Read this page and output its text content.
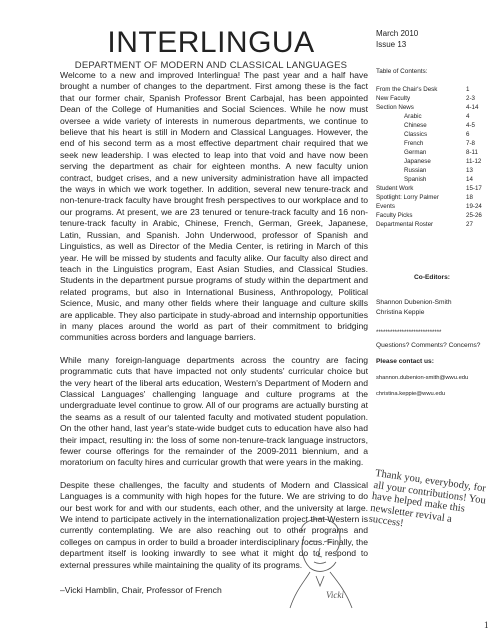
INTERLINGUA
DEPARTMENT OF MODERN AND CLASSICAL LANGUAGES

Welcome to a new and improved Interlingua! The past year and a half have brought a number of changes to the department. First among these is the fact that our former chair, Spanish Professor Brent Carbajal, has been appointed Dean of the College of Humanities and Social Sciences. While he now must oversee a wide variety of interests in numerous departments, we continue to believe that his heart is still in Modern and Classical Languages. However, the end of his second term as a most effective department chair required that we seek new leadership. I was elected to leap into that void and have now been serving the department as chair for eighteen months. A new faculty union contract, budget crises, and a new university administration have all impacted the ways in which we work together. In addition, several new tenure-track and non-tenure-track faculty have brought fresh perspectives to our workplace and to our programs. At present, we are 23 tenured or tenure-track faculty and 16 non-tenure-track faculty in Arabic, Chinese, French, German, Greek, Japanese, Latin, Russian, and Spanish. John Underwood, professor of Spanish and Linguistics, as well as Director of the Media Center, is retiring in March of this year. He will be missed by students and faculty alike. Our faculty also direct and teach in the Linguistics program, East Asian Studies, and Classical Studies. Students in the department pursue programs of study within the department and related programs, but also in International Business, Anthropology, Political Science, Music, and many other fields where their language and culture skills are applicable. They also participate in study-abroad and internship opportunities in many places around the world as part of their commitment to bridging communities across borders and language barriers.

While many foreign-language departments across the country are facing programmatic cuts that have impacted not only students' curricular choice but the very heart of the liberal arts education, Western's Department of Modern and Classical Languages' challenging language and culture programs at the undergraduate level continue to grow. All of our programs are actually bursting at the seams as a result of our talented faculty and motivated student population. On the other hand, last year's state-wide budget cuts to education have also had their impact, resulting in: the loss of some non-tenure-track language instructors, fewer course offerings for the remainder of the 2009-2011 biennium, and a moratorium on faculty hires and curricular growth that were years in the making.

Despite these challenges, the faculty and students of Modern and Classical Languages is a community with high hopes for the future. We are striving to do our best work for and with our students, each other, and the university at large. We intend to participate actively in the internationalization project that Western is currently contemplating. We are also reaching out to other programs and colleges on campus in order to build a broader interdisciplinary focus. Finally, the department itself is looking inwardly to see what it might do to respond to external pressures while maintaining the quality of its programs.

–Vicki Hamblin, Chair, Professor of French

March 2010
Issue 13
Table of Contents:
From the Chair's Desk	1
New Faculty	2-3
Section News	4-14
Arabic	4
Chinese	4-5
Classics	6
French	7-8
German	8-11
Japanese	11-12
Russian	13
Spanish	14
Student Work	15-17
Spotlight: Lorry Palmer	18
Events	19-24
Faculty Picks	25-26
Departmental Roster	27
Co-Editors:
Shannon Dubenion-Smith
Christina Keppie
****************************
Questions? Comments? Concerns?
Please contact us:
shannon.dubenion-smith@wwu.edu
christina.keppie@wwu.edu
Thank you, everybody, for all your contributions! You have helped make this newsletter revival a success!
Vicki
1
